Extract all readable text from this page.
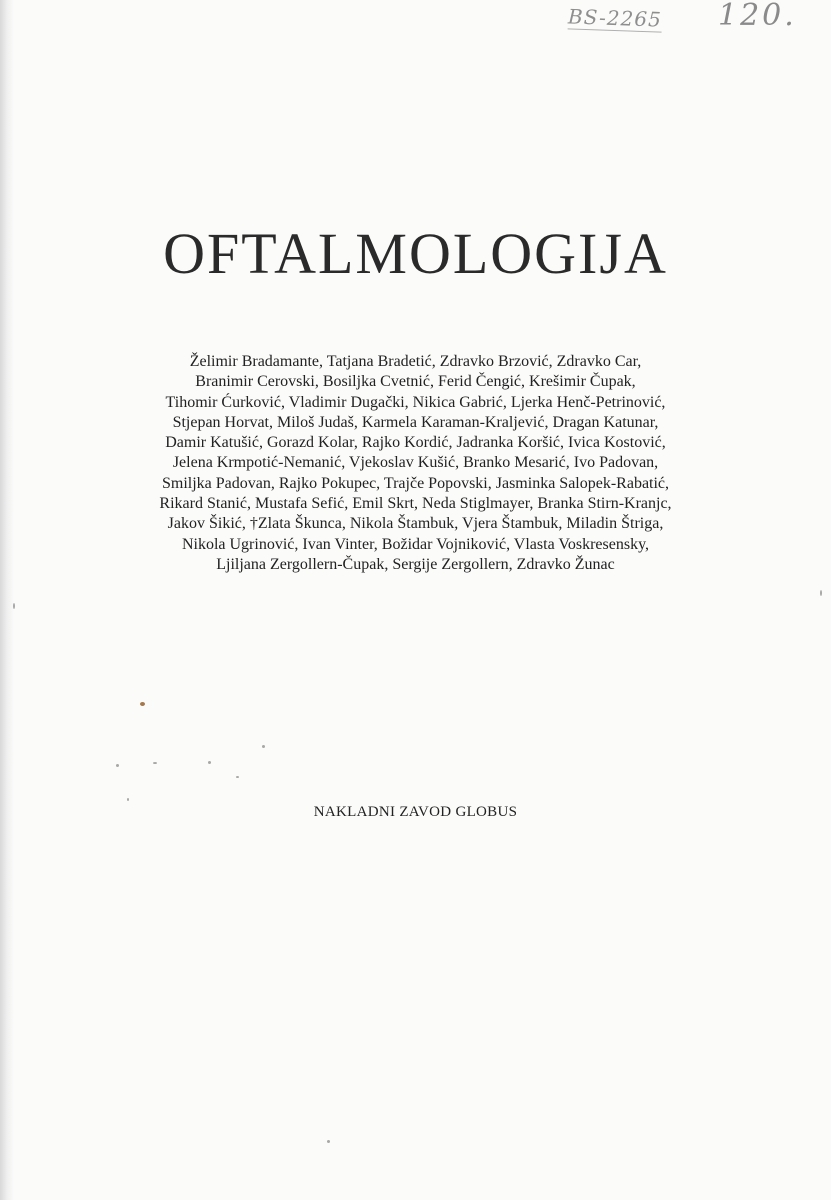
BS-2265 120.
OFTALMOLOGIJA
Želimir Bradamante, Tatjana Bradetić, Zdravko Brzović, Zdravko Car,
Branimir Cerovski, Bosiljka Cvetnić, Ferid Čengić, Krešimir Čupak,
Tihomir Ćurković, Vladimir Dugački, Nikica Gabrić, Ljerka Henč-Petrinović,
Stjepan Horvat, Miloš Judaš, Karmela Karaman-Kraljević, Dragan Katunar,
Damir Katušić, Gorazd Kolar, Rajko Kordić, Jadranka Koršić, Ivica Kostović,
Jelena Krmpotić-Nemanić, Vjekoslav Kušić, Branko Mesarić, Ivo Padovan,
Smiljka Padovan, Rajko Pokupec, Trajče Popovski, Jasminka Salopek-Rabatić,
Rikard Stanić, Mustafa Sefić, Emil Skrt, Neda Stiglmayer, Branka Stirn-Kranjc,
Jakov Šikić, †Zlata Škunca, Nikola Štambuk, Vjera Štambuk, Miladin Štriga,
Nikola Ugrinović, Ivan Vinter, Božidar Vojniković, Vlasta Voskresensky,
Ljiljana Zergollern-Čupak, Sergije Zergollern, Zdravko Žunac
NAKLADNI ZAVOD GLOBUS
